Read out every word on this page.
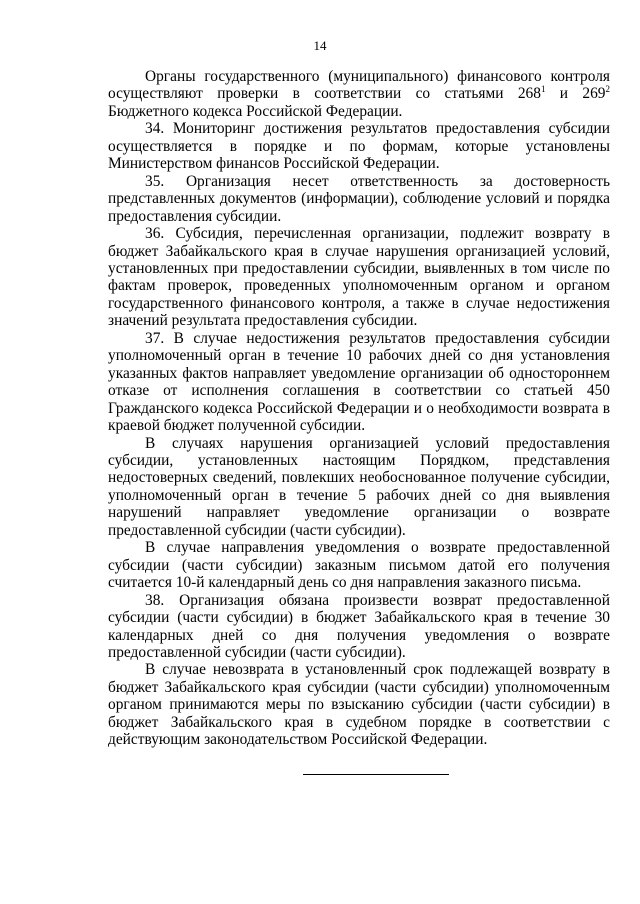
14

Органы государственного (муниципального) финансового контроля осуществляют проверки в соответствии со статьями $268^1$ и $269^2$ Бюджетного кодекса Российской Федерации.

34. Мониторинг достижения результатов предоставления субсидии осуществляется в порядке и по формам, которые установлены Министерством финансов Российской Федерации.

35. Организация несет ответственность за достоверность представленных документов (информации), соблюдение условий и порядка предоставления субсидии.

36. Субсидия, перечисленная организации, подлежит возврату в бюджет Забайкальского края в случае нарушения организацией условий, установленных при предоставлении субсидии, выявленных в том числе по фактам проверок, проведенных уполномоченным органом и органом государственного финансового контроля, а также в случае недостижения значений результата предоставления субсидии.

37. В случае недостижения результатов предоставления субсидии уполномоченный орган в течение 10 рабочих дней со дня установления указанных фактов направляет уведомление организации об одностороннем отказе от исполнения соглашения в соответствии со статьей 450 Гражданского кодекса Российской Федерации и о необходимости возврата в краевой бюджет полученной субсидии.

В случаях нарушения организацией условий предоставления субсидии, установленных настоящим Порядком, представления недостоверных сведений, повлекших необоснованное получение субсидии, уполномоченный орган в течение 5 рабочих дней со дня выявления нарушений направляет уведомление организации о возврате предоставленной субсидии (части субсидии).

В случае направления уведомления о возврате предоставленной субсидии (части субсидии) заказным письмом датой его получения считается 10-й календарный день со дня направления заказного письма.

38. Организация обязана произвести возврат предоставленной субсидии (части субсидии) в бюджет Забайкальского края в течение 30 календарных дней со дня получения уведомления о возврате предоставленной субсидии (части субсидии).

В случае невозврата в установленный срок подлежащей возврату в бюджет Забайкальского края субсидии (части субсидии) уполномоченным органом принимаются меры по взысканию субсидии (части субсидии) в бюджет Забайкальского края в судебном порядке в соответствии с действующим законодательством Российской Федерации.
